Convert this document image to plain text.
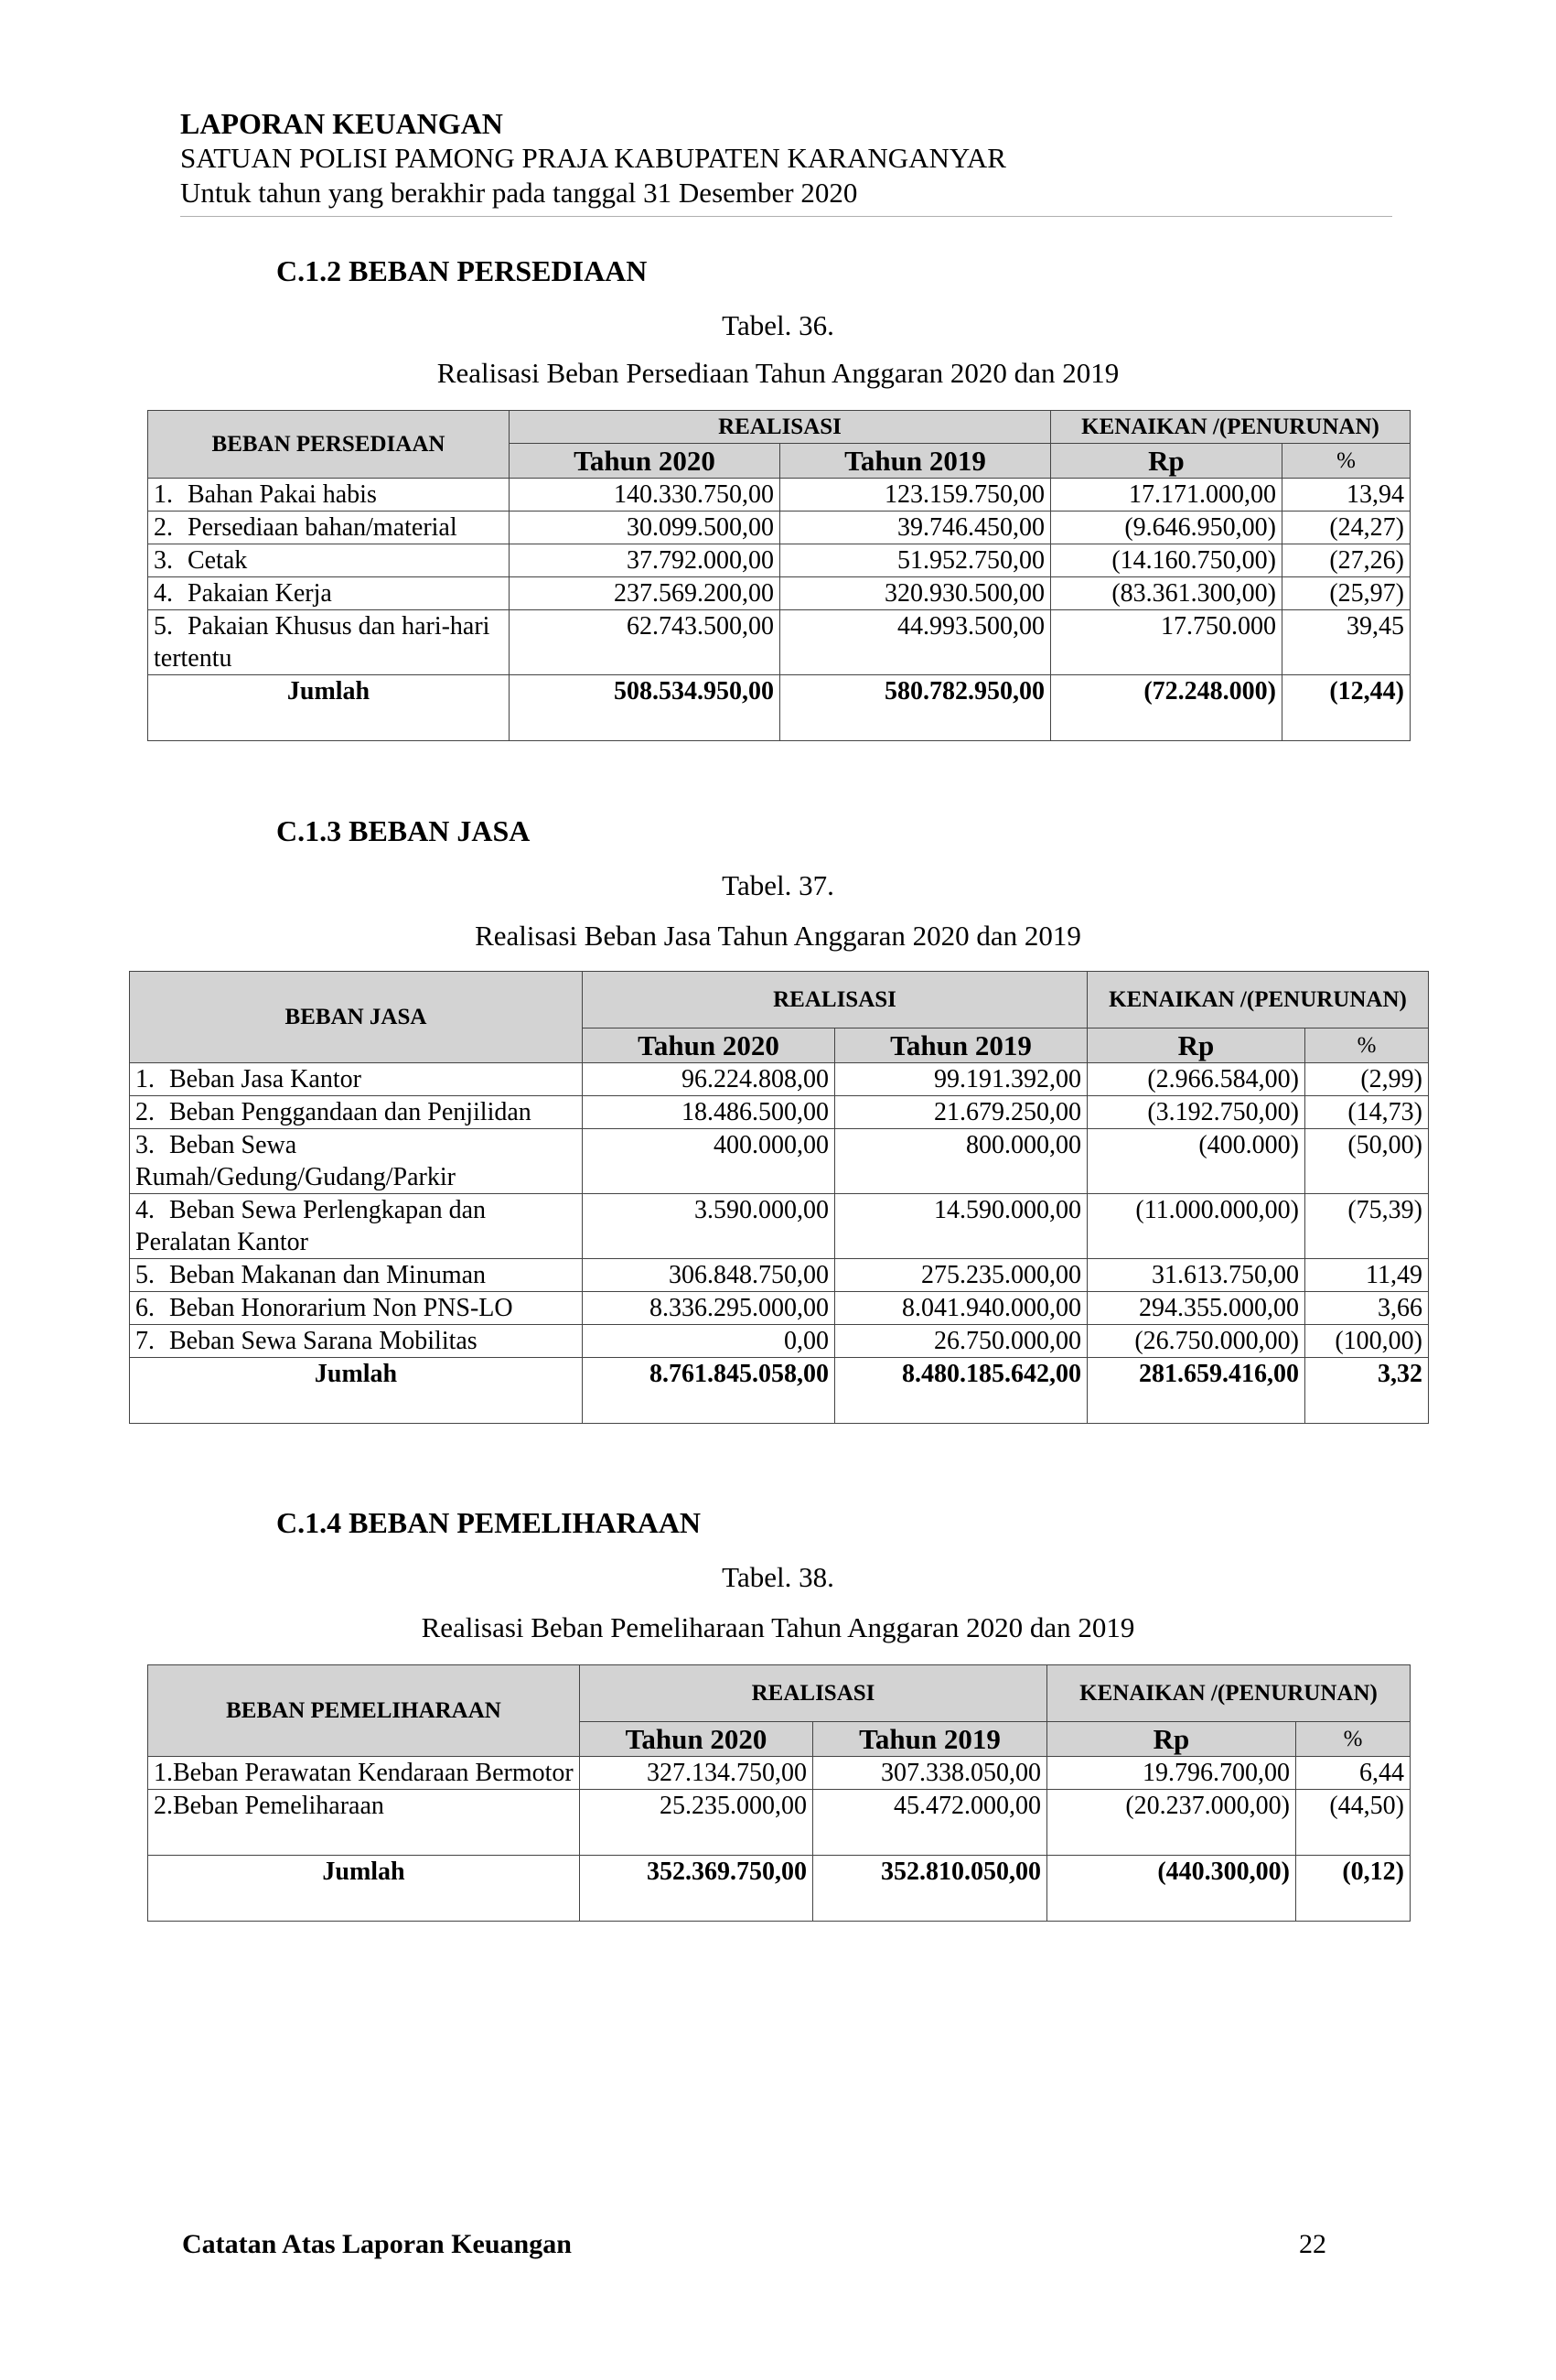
LAPORAN KEUANGAN
SATUAN POLISI PAMONG PRAJA KABUPATEN KARANGANYAR
Untuk tahun yang berakhir pada tanggal 31 Desember 2020
C.1.2 BEBAN PERSEDIAAN
Tabel. 36.
Realisasi Beban Persediaan Tahun Anggaran 2020 dan 2019
BEBAN PERSEDIAAN	REALISASI		KENAIKAN /(PENURUNAN)	
	Tahun 2020	Tahun 2019	Rp	%
1. Bahan Pakai habis	140.330.750,00	123.159.750,00	17.171.000,00	13,94
2. Persediaan bahan/material	30.099.500,00	39.746.450,00	(9.646.950,00)	(24,27)
3. Cetak	37.792.000,00	51.952.750,00	(14.160.750,00)	(27,26)
4. Pakaian Kerja	237.569.200,00	320.930.500,00	(83.361.300,00)	(25,97)
5. Pakaian Khusus dan hari-hari tertentu	62.743.500,00	44.993.500,00	17.750.000	39,45
Jumlah	508.534.950,00	580.782.950,00	(72.248.000)	(12,44)
C.1.3 BEBAN JASA
Tabel. 37.
Realisasi Beban Jasa Tahun Anggaran 2020 dan 2019
BEBAN JASA	REALISASI		KENAIKAN /(PENURUNAN)	
	Tahun 2020	Tahun 2019	Rp	%
1. Beban Jasa Kantor	96.224.808,00	99.191.392,00	(2.966.584,00)	(2,99)
2. Beban Penggandaan dan Penjilidan	18.486.500,00	21.679.250,00	(3.192.750,00)	(14,73)
3. Beban Sewa Rumah/Gedung/Gudang/Parkir	400.000,00	800.000,00	(400.000)	(50,00)
4. Beban Sewa Perlengkapan dan Peralatan Kantor	3.590.000,00	14.590.000,00	(11.000.000,00)	(75,39)
5. Beban Makanan dan Minuman	306.848.750,00	275.235.000,00	31.613.750,00	11,49
6. Beban Honorarium Non PNS-LO	8.336.295.000,00	8.041.940.000,00	294.355.000,00	3,66
7. Beban Sewa Sarana Mobilitas	0,00	26.750.000,00	(26.750.000,00)	(100,00)
Jumlah	8.761.845.058,00	8.480.185.642,00	281.659.416,00	3,32
C.1.4 BEBAN PEMELIHARAAN
Tabel. 38.
Realisasi Beban Pemeliharaan Tahun Anggaran 2020 dan 2019
BEBAN PEMELIHARAAN	REALISASI		KENAIKAN /(PENURUNAN)	
	Tahun 2020	Tahun 2019	Rp	%
1.Beban Perawatan Kendaraan Bermotor	327.134.750,00	307.338.050,00	19.796.700,00	6,44
2.Beban Pemeliharaan	25.235.000,00	45.472.000,00	(20.237.000,00)	(44,50)
Jumlah	352.369.750,00	352.810.050,00	(440.300,00)	(0,12)
Catatan Atas Laporan Keuangan	22
